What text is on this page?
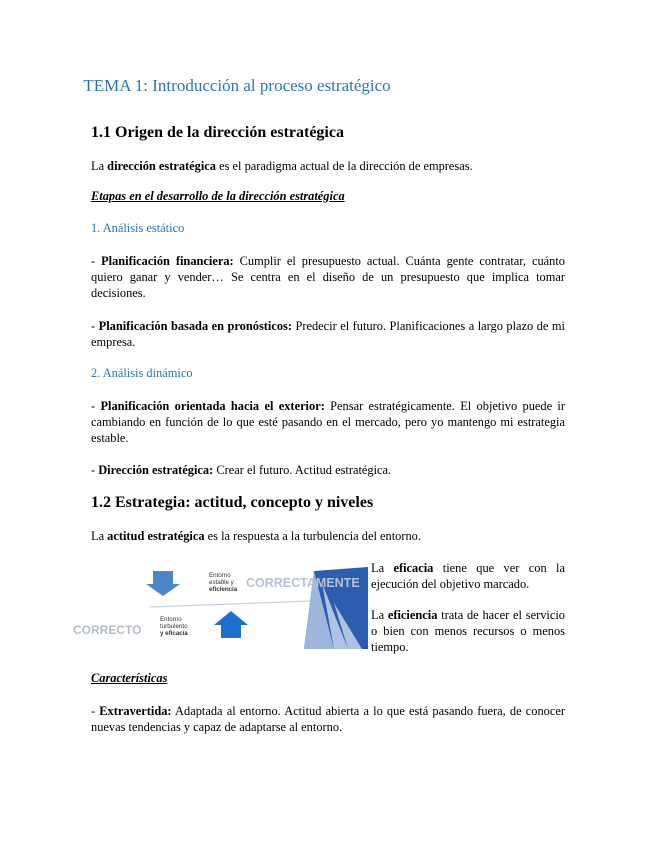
TEMA 1: Introducción al proceso estratégico
1.1 Origen de la dirección estratégica

La dirección estratégica es el paradigma actual de la dirección de empresas.

Etapas en el desarrollo de la dirección estratégica
1. Análisis estático

- Planificación financiera: Cumplir el presupuesto actual. Cuánta gente contratar, cuánto quiero ganar y vender… Se centra en el diseño de un presupuesto que implica tomar decisiones.

- Planificación basada en pronósticos: Predecir el futuro. Planificaciones a largo plazo de mi empresa.

2. Análisis dinámico

- Planificación orientada hacia el exterior: Pensar estratégicamente. El objetivo puede ir cambiando en función de lo que esté pasando en el mercado, pero yo mantengo mi estrategia estable.

- Dirección estratégica: Crear el futuro. Actitud estratégica.

1.2 Estrategia: actitud, concepto y niveles

La actitud estratégica es la respuesta a la turbulencia del entorno.

La eficacia tiene que ver con la ejecución del objetivo marcado.

La eficiencia trata de hacer el servicio o bien con menos recursos o menos tiempo.

Características

- Extravertida: Adaptada al entorno. Actitud abierta a lo que está pasando fuera, de conocer nuevas tendencias y capaz de adaptarse al entorno.

Entorno
estable y
eficiencia
Entorno
turbulento
y eficacia
CORRECTO
CORRECTAMENTE
